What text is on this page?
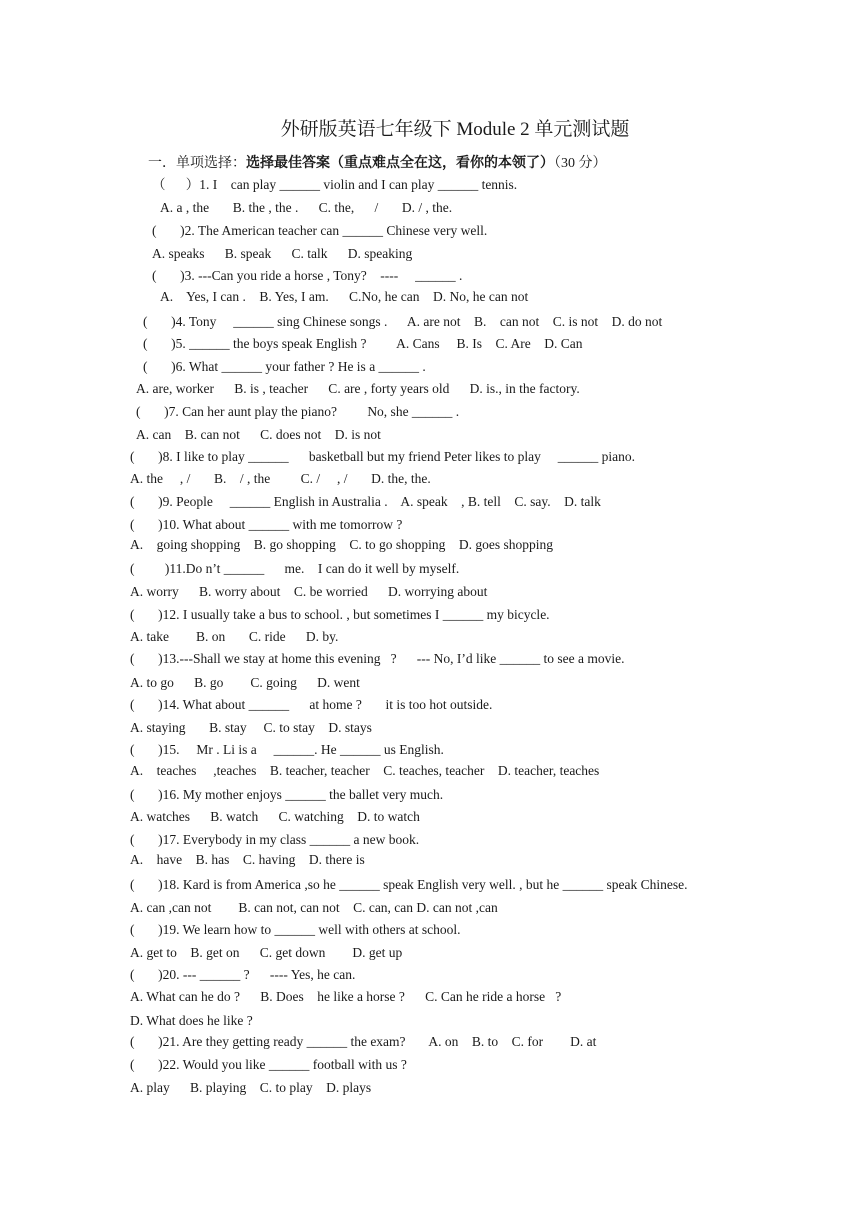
外研版英语七年级下 Module 2 单元测试题
一．单项选择：选择最佳答案（重点难点全在这，看你的本领了）（30 分）
（      ）1. I    can play ______ violin and I can play ______ tennis.
A. a , the       B. the , the .      C. the,      /       D. / , the.
(       )2. The American teacher can ______ Chinese very well.
A. speaks      B. speak      C. talk      D. speaking
(       )3. ---Can you ride a horse , Tony?    ----     ______ .
A.    Yes, I can .    B. Yes, I am.      C.No, he can    D. No, he can not
(       )4. Tony     ______ sing Chinese songs .      A. are not    B.    can not    C. is not    D. do not
(       )5. ______ the boys speak English ?         A. Cans     B. Is    C. Are    D. Can
(       )6. What ______ your father ? He is a ______ .
A. are, worker      B. is , teacher      C. are , forty years old      D. is., in the factory.
(       )7. Can her aunt play the piano?         No, she ______ .
A. can    B. can not      C. does not    D. is not
(       )8. I like to play ______      basketball but my friend Peter likes to play     ______ piano.
A. the     , /       B.    / , the         C. /     , /       D. the, the.
(       )9. People     ______ English in Australia .    A. speak    , B. tell    C. say.    D. talk
(       )10. What about ______ with me tomorrow ?
A.    going shopping    B. go shopping    C. to go shopping    D. goes shopping
(         )11.Do n’t ______      me.    I can do it well by myself.
A. worry      B. worry about    C. be worried      D. worrying about
(       )12. I usually take a bus to school. , but sometimes I ______ my bicycle.
A. take        B. on       C. ride      D. by.
(       )13.---Shall we stay at home this evening   ?      --- No, I’d like ______ to see a movie.
A. to go      B. go        C. going      D. went
(       )14. What about ______      at home ?       it is too hot outside.
A. staying       B. stay     C. to stay    D. stays
(       )15.     Mr . Li is a     ______. He ______ us English.
A.    teaches     ,teaches    B. teacher, teacher    C. teaches, teacher    D. teacher, teaches
(       )16. My mother enjoys ______ the ballet very much.
A. watches      B. watch      C. watching    D. to watch
(       )17. Everybody in my class ______ a new book.
A.    have    B. has    C. having    D. there is
(       )18. Kard is from America ,so he ______ speak English very well. , but he ______ speak Chinese.
A. can ,can not        B. can not, can not    C. can, can D. can not ,can
(       )19. We learn how to ______ well with others at school.
A. get to    B. get on      C. get down        D. get up
(       )20. --- ______ ?      ---- Yes, he can.
A. What can he do ?      B. Does    he like a horse ?      C. Can he ride a horse   ?
D. What does he like ?
(       )21. Are they getting ready ______ the exam?       A. on    B. to    C. for        D. at
(       )22. Would you like ______ football with us ?
A. play      B. playing    C. to play    D. plays
